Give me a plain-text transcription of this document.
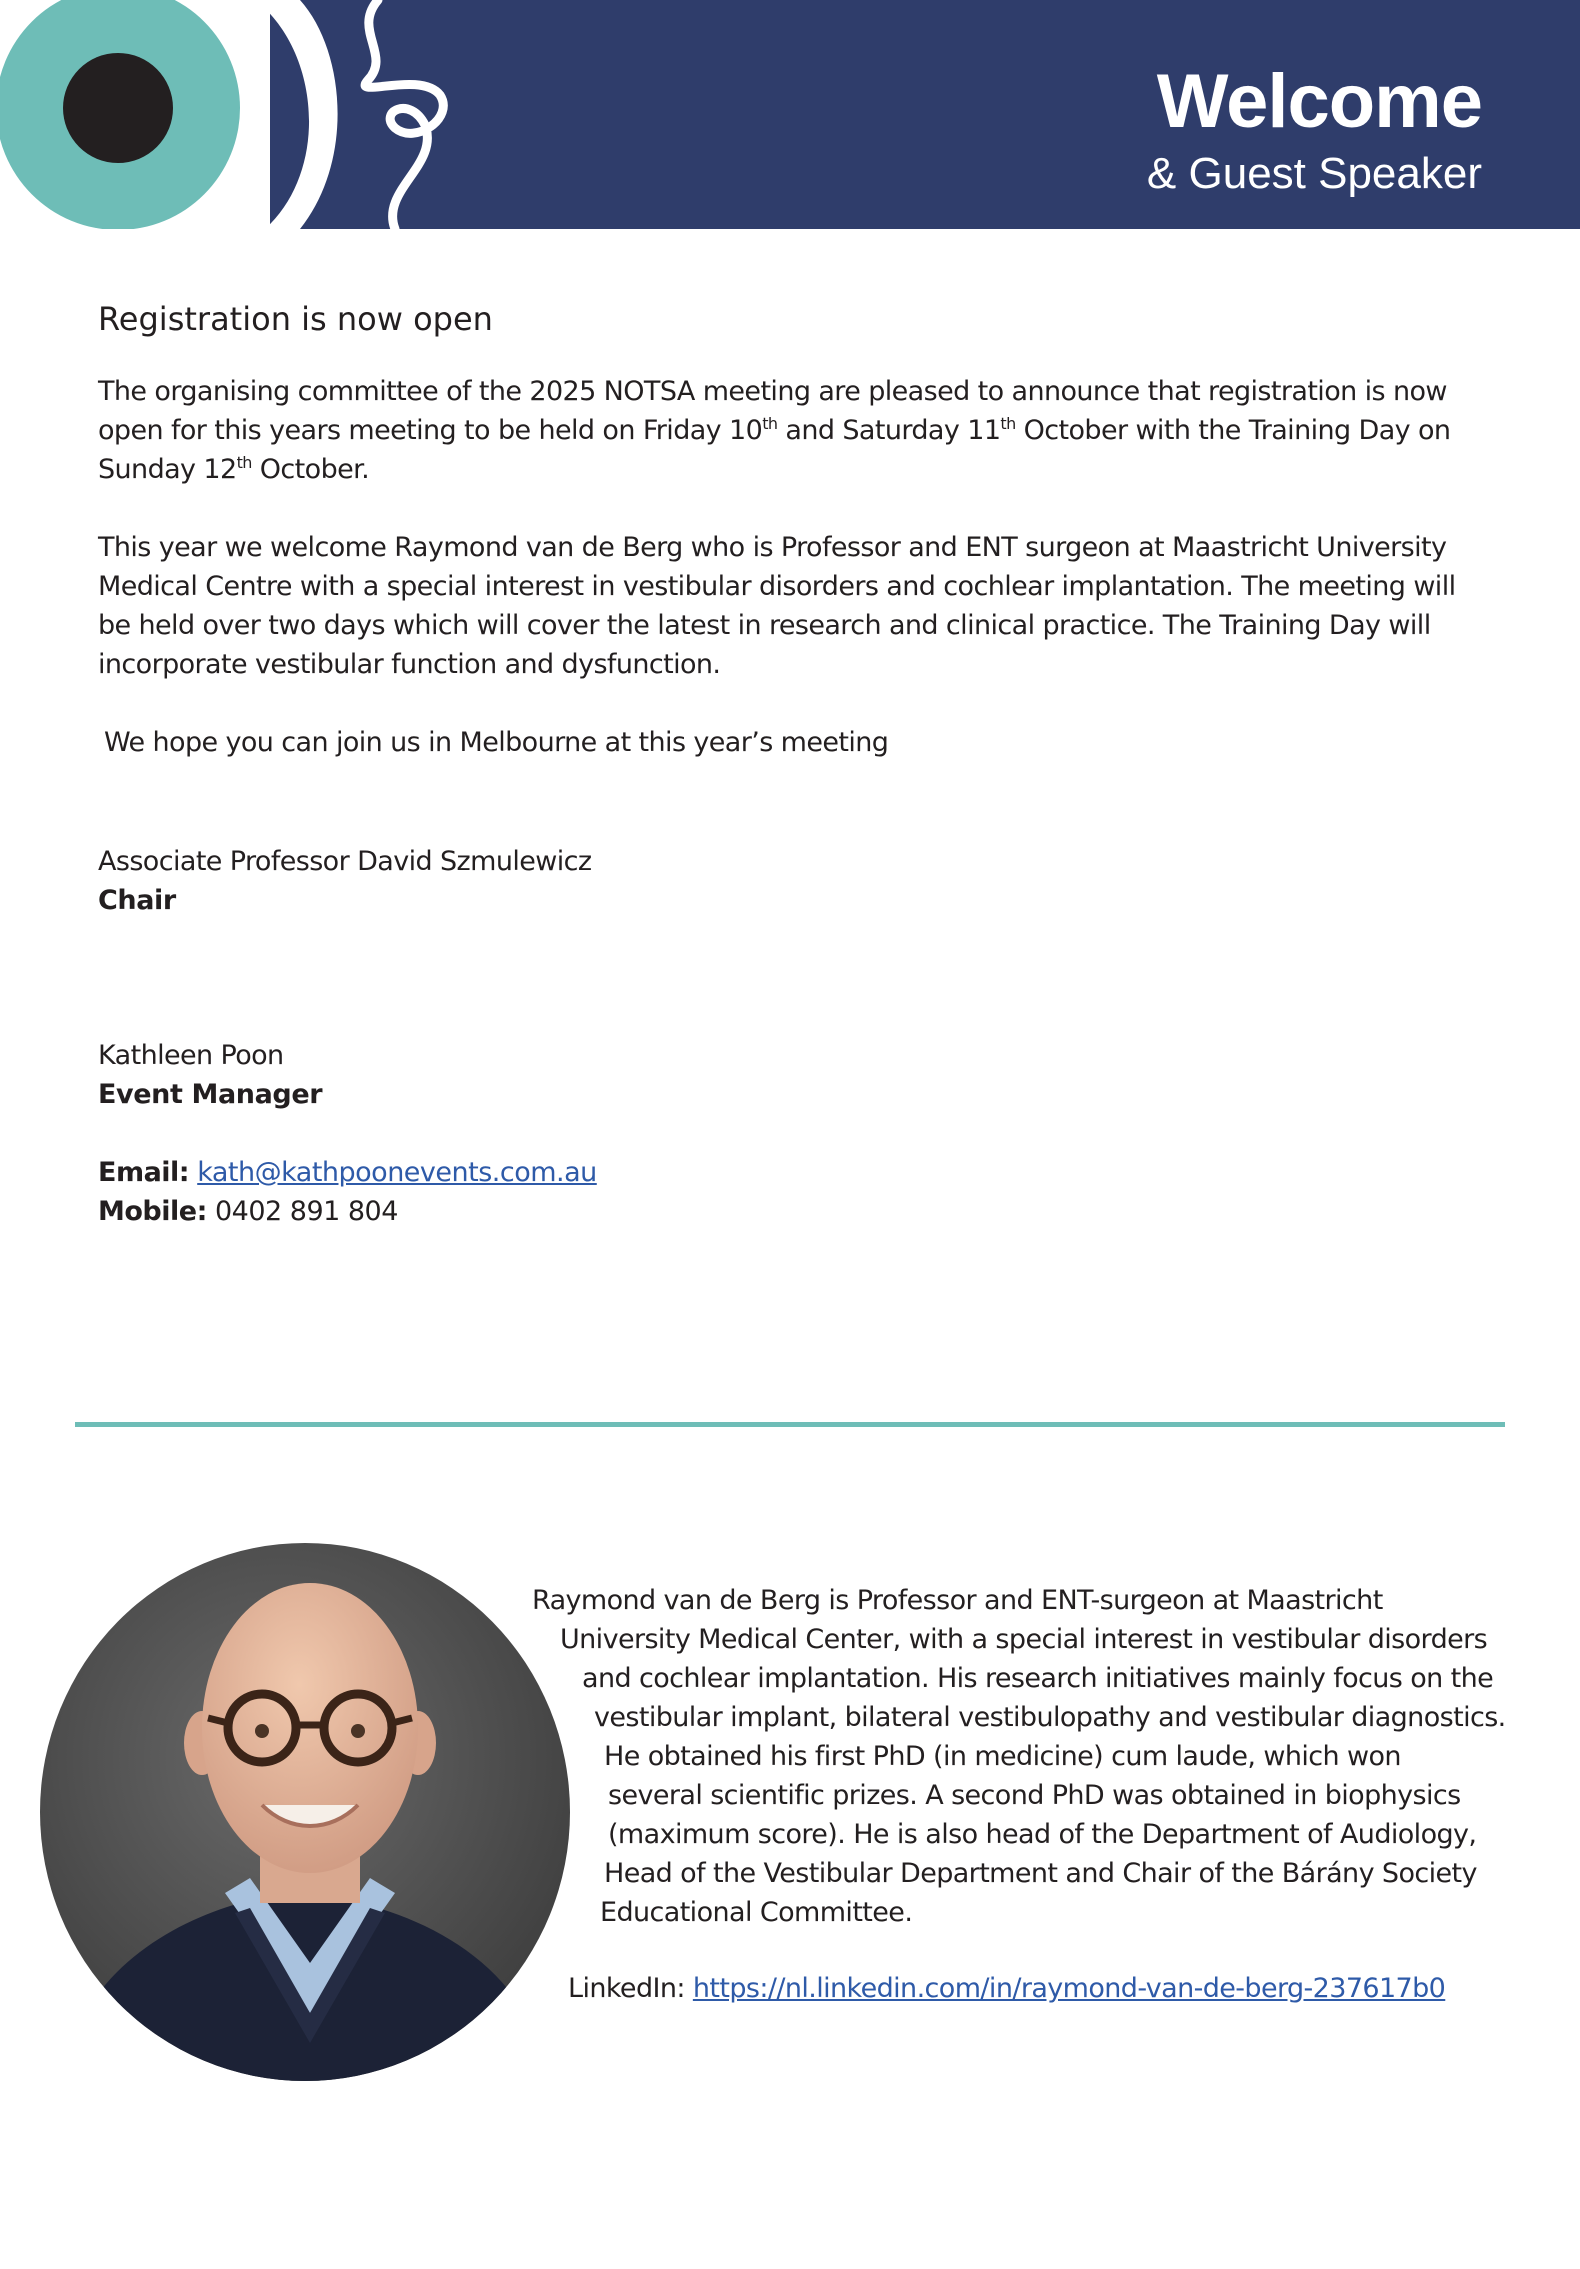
Welcome
& Guest Speaker
Registration is now open

The organising committee of the 2025 NOTSA meeting are pleased to announce that registration is now open for this years meeting to be held on Friday 10th and Saturday 11th October with the Training Day on Sunday 12th October.

This year we welcome Raymond van de Berg who is Professor and ENT surgeon at Maastricht University Medical Centre with a special interest in vestibular disorders and cochlear implantation. The meeting will be held over two days which will cover the latest in research and clinical practice. The Training Day will incorporate vestibular function and dysfunction.

We hope you can join us in Melbourne at this year’s meeting

Associate Professor David Szmulewicz
Chair
Kathleen Poon
Event Manager
Email: kath@kathpoonevents.com.au
Mobile: 0402 891 804
Raymond van de Berg is Professor and ENT-surgeon at Maastricht
University Medical Center, with a special interest in vestibular disorders
and cochlear implantation. His research initiatives mainly focus on the
vestibular implant, bilateral vestibulopathy and vestibular diagnostics.
He obtained his first PhD (in medicine) cum laude, which won
several scientific prizes. A second PhD was obtained in biophysics
(maximum score). He is also head of the Department of Audiology,
Head of the Vestibular Department and Chair of the Bárány Society
Educational Committee.
LinkedIn: https://nl.linkedin.com/in/raymond-van-de-berg-237617b0
